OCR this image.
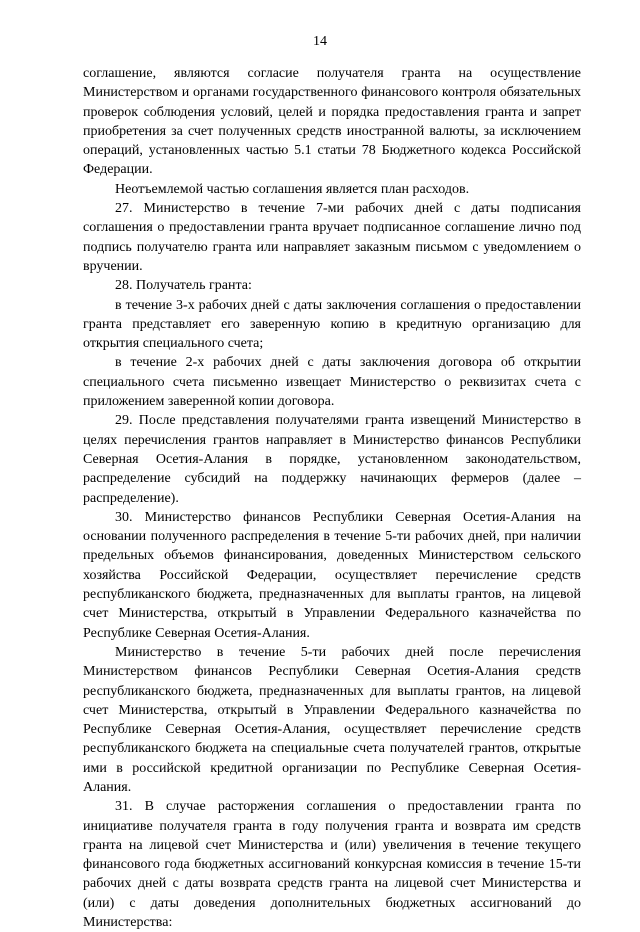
14

соглашение, являются согласие получателя гранта на осуществление Министерством и органами государственного финансового контроля обязательных проверок соблюдения условий, целей и порядка предоставления гранта и запрет приобретения за счет полученных средств иностранной валюты, за исключением операций, установленных частью 5.1 статьи 78 Бюджетного кодекса Российской Федерации.

Неотъемлемой частью соглашения является план расходов.

27. Министерство в течение 7-ми рабочих дней с даты подписания соглашения о предоставлении гранта вручает подписанное соглашение лично под подпись получателю гранта или направляет заказным письмом с уведомлением о вручении.

28. Получатель гранта:

в течение 3-х рабочих дней с даты заключения соглашения о предоставлении гранта представляет его заверенную копию в кредитную организацию для открытия специального счета;

в течение 2-х рабочих дней с даты заключения договора об открытии специального счета письменно извещает Министерство о реквизитах счета с приложением заверенной копии договора.

29. После представления получателями гранта извещений Министерство в целях перечисления грантов направляет в Министерство финансов Республики Северная Осетия-Алания в порядке, установленном законодательством, распределение субсидий на поддержку начинающих фермеров (далее – распределение).

30. Министерство финансов Республики Северная Осетия-Алания на основании полученного распределения в течение 5-ти рабочих дней, при наличии предельных объемов финансирования, доведенных Министерством сельского хозяйства Российской Федерации, осуществляет перечисление средств республиканского бюджета, предназначенных для выплаты грантов, на лицевой счет Министерства, открытый в Управлении Федерального казначейства по Республике Северная Осетия-Алания.

Министерство в течение 5-ти рабочих дней после перечисления Министерством финансов Республики Северная Осетия-Алания средств республиканского бюджета, предназначенных для выплаты грантов, на лицевой счет Министерства, открытый в Управлении Федерального казначейства по Республике Северная Осетия-Алания, осуществляет перечисление средств республиканского бюджета на специальные счета получателей грантов, открытые ими в российской кредитной организации по Республике Северная Осетия-Алания.

31. В случае расторжения соглашения о предоставлении гранта по инициативе получателя гранта в году получения гранта и возврата им средств гранта на лицевой счет Министерства и (или) увеличения в течение текущего финансового года бюджетных ассигнований конкурсная комиссия в течение 15-ти рабочих дней с даты возврата средств гранта на лицевой счет Министерства и (или) с даты доведения дополнительных бюджетных ассигнований до Министерства:
